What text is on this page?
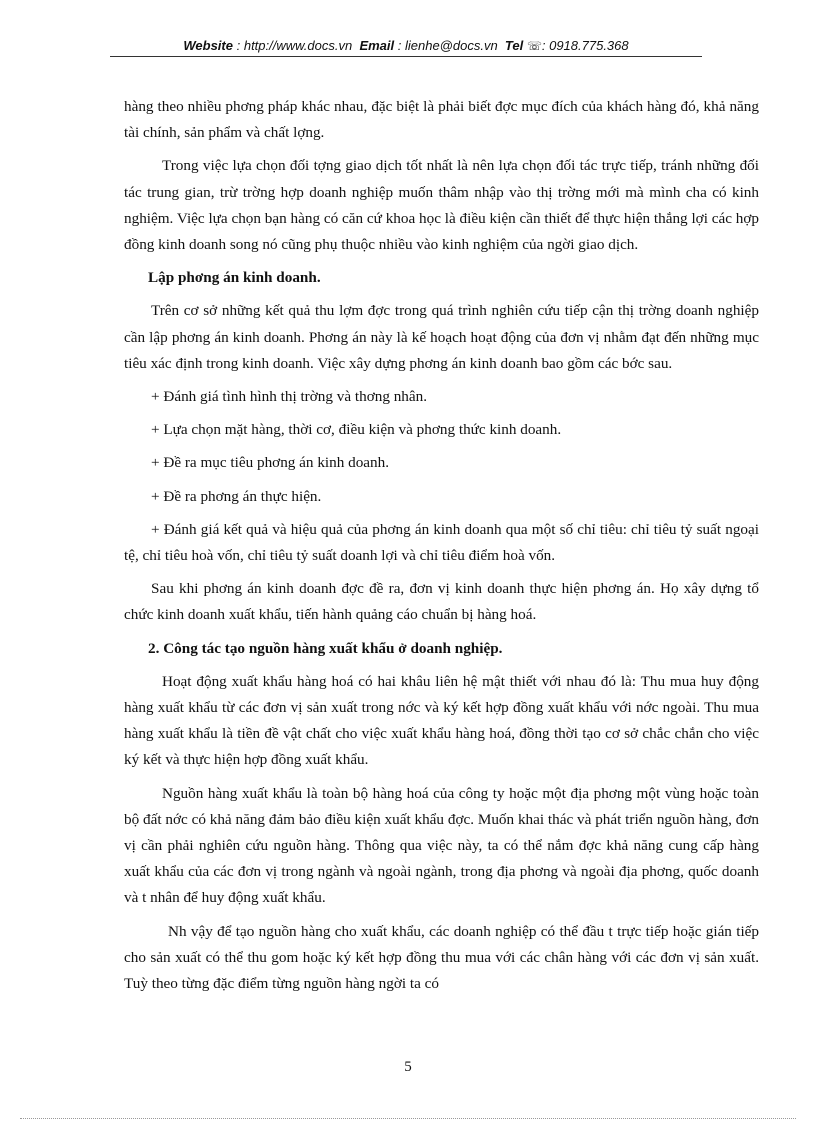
Website : http://www.docs.vn Email : lienhe@docs.vn Tel ☏: 0918.775.368

hàng theo nhiều phơng pháp khác nhau, đặc biệt là phải biết đợc mục đích của khách hàng đó, khả năng tài chính, sản phẩm và chất lợng.

Trong việc lựa chọn đối tợng giao dịch tốt nhất là nên lựa chọn đối tác trực tiếp, tránh những đối tác trung gian, trừ trờng hợp doanh nghiệp muốn thâm nhập vào thị trờng mới mà mình cha có kinh nghiệm. Việc lựa chọn bạn hàng có căn cứ khoa học là điều kiện cần thiết để thực hiện thắng lợi các hợp đồng kinh doanh song nó cũng phụ thuộc nhiều vào kinh nghiệm của ngời giao dịch.

Lập phơng án kinh doanh.

Trên cơ sở những kết quả thu lợm đợc trong quá trình nghiên cứu tiếp cận thị trờng doanh nghiệp cần lập phơng án kinh doanh. Phơng án này là kế hoạch hoạt động của đơn vị nhằm đạt đến những mục tiêu xác định trong kinh doanh. Việc xây dựng phơng án kinh doanh bao gồm các bớc sau.

+ Đánh giá tình hình thị trờng và thơng nhân.

+ Lựa chọn mặt hàng, thời cơ, điều kiện và phơng thức kinh doanh.

+ Đề ra mục tiêu phơng án kinh doanh.

+ Đề ra phơng án thực hiện.

+ Đánh giá kết quả và hiệu quả của phơng án kinh doanh qua một số chỉ tiêu: chỉ tiêu tỷ suất ngoại tệ, chỉ tiêu hoà vốn, chỉ tiêu tỷ suất doanh lợi và chỉ tiêu điểm hoà vốn.

Sau khi phơng án kinh doanh đợc đề ra, đơn vị kinh doanh thực hiện phơng án. Họ xây dựng tổ chức kinh doanh xuất khẩu, tiến hành quảng cáo chuẩn bị hàng hoá.

2. Công tác tạo nguồn hàng xuất khẩu ở doanh nghiệp.

Hoạt động xuất khẩu hàng hoá có hai khâu liên hệ mật thiết với nhau đó là: Thu mua huy động hàng xuất khẩu từ các đơn vị sản xuất trong nớc và ký kết hợp đồng xuất khẩu với nớc ngoài. Thu mua hàng xuất khẩu là tiền đề vật chất cho việc xuất khẩu hàng hoá, đồng thời tạo cơ sở chắc chắn cho việc ký kết và thực hiện hợp đồng xuất khẩu.

Nguồn hàng xuất khẩu là toàn bộ hàng hoá của công ty hoặc một địa phơng một vùng hoặc toàn bộ đất nớc có khả năng đảm bảo điều kiện xuất khẩu đợc. Muốn khai thác và phát triển nguồn hàng, đơn vị cần phải nghiên cứu nguồn hàng. Thông qua việc này, ta có thể nắm đợc khả năng cung cấp hàng xuất khẩu của các đơn vị trong ngành và ngoài ngành, trong địa phơng và ngoài địa phơng, quốc doanh và t nhân để huy động xuất khẩu.

Nh vậy để tạo nguồn hàng cho xuất khẩu, các doanh nghiệp có thể đầu t trực tiếp hoặc gián tiếp cho sản xuất có thể thu gom hoặc ký kết hợp đồng thu mua với các chân hàng với các đơn vị sản xuất. Tuỳ theo từng đặc điểm từng nguồn hàng ngời ta có

5
